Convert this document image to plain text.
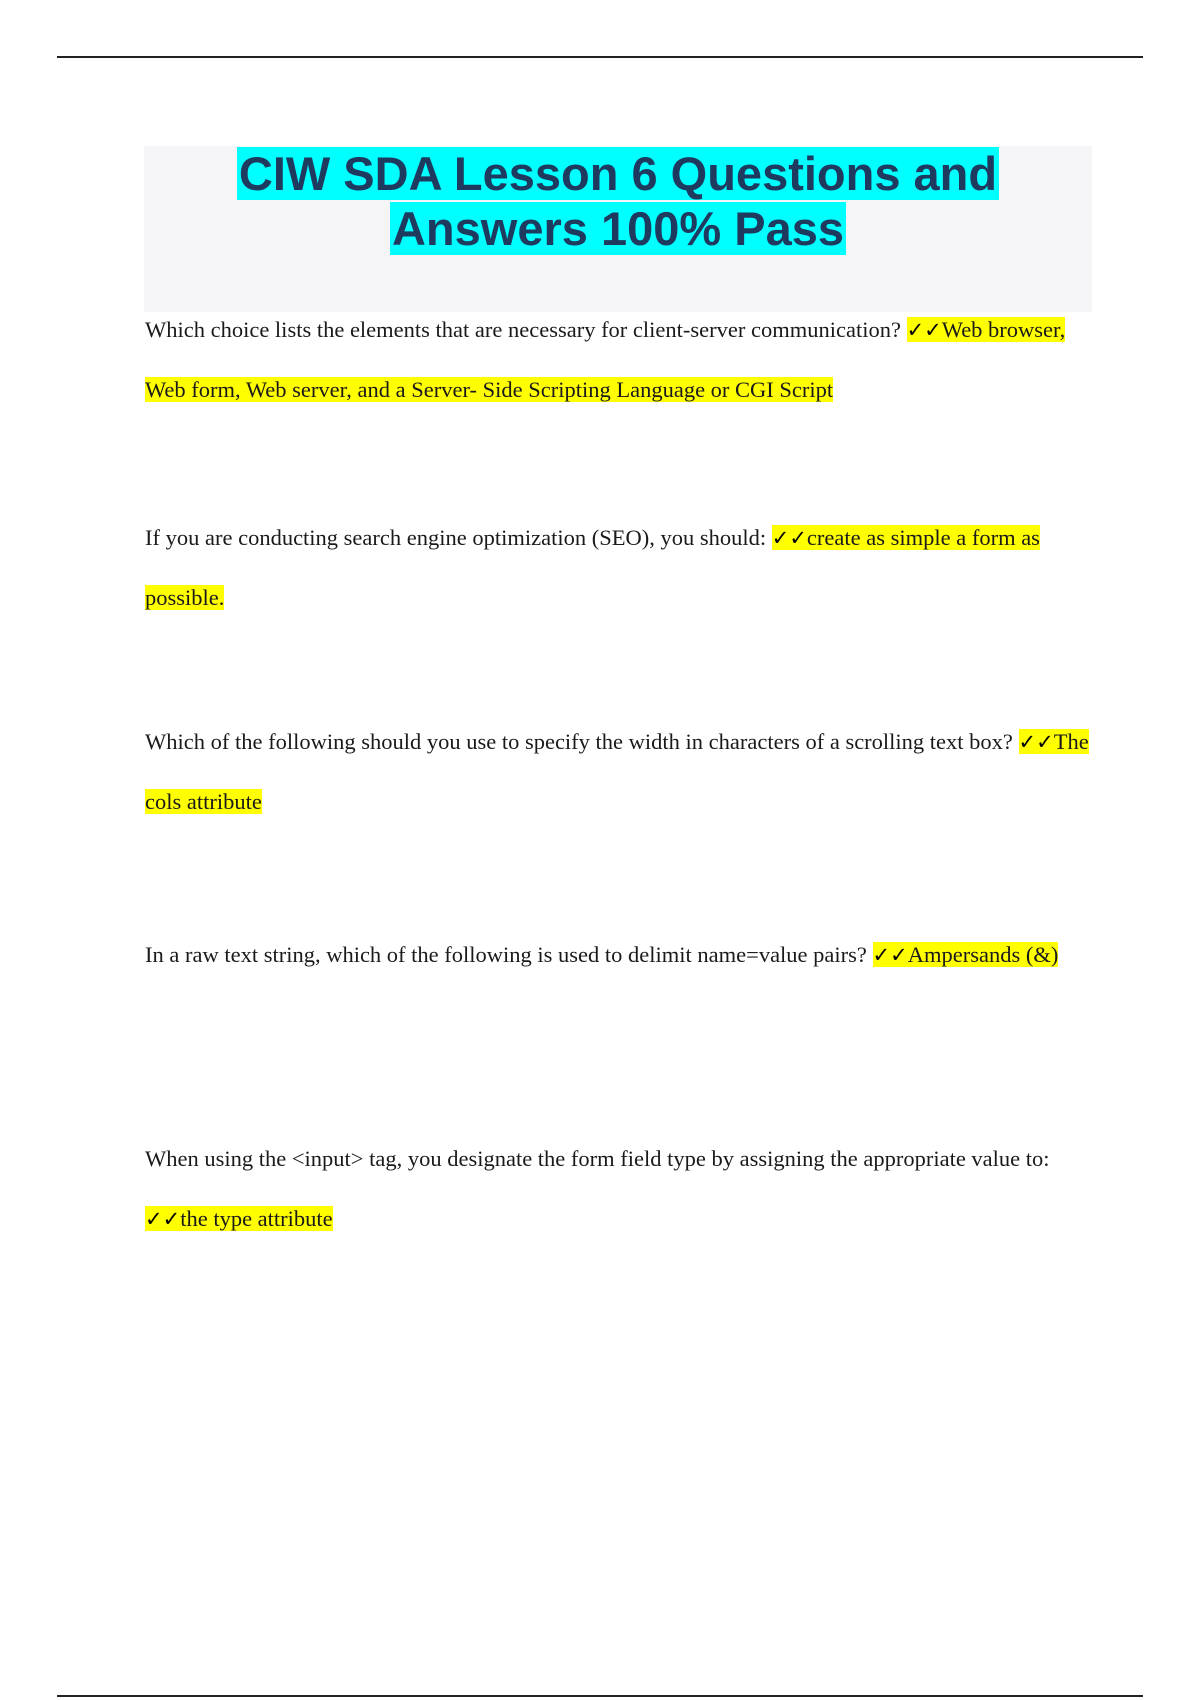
CIW SDA Lesson 6 Questions and
Answers 100% Pass

Which choice lists the elements that are necessary for client-server communication? ✓✓Web browser, Web form, Web server, and a Server- Side Scripting Language or CGI Script

If you are conducting search engine optimization (SEO), you should: ✓✓create as simple a form as possible.

Which of the following should you use to specify the width in characters of a scrolling text box? ✓✓The cols attribute

In a raw text string, which of the following is used to delimit name=value pairs? ✓✓Ampersands (&)

When using the <input> tag, you designate the form field type by assigning the appropriate value to: ✓✓the type attribute
